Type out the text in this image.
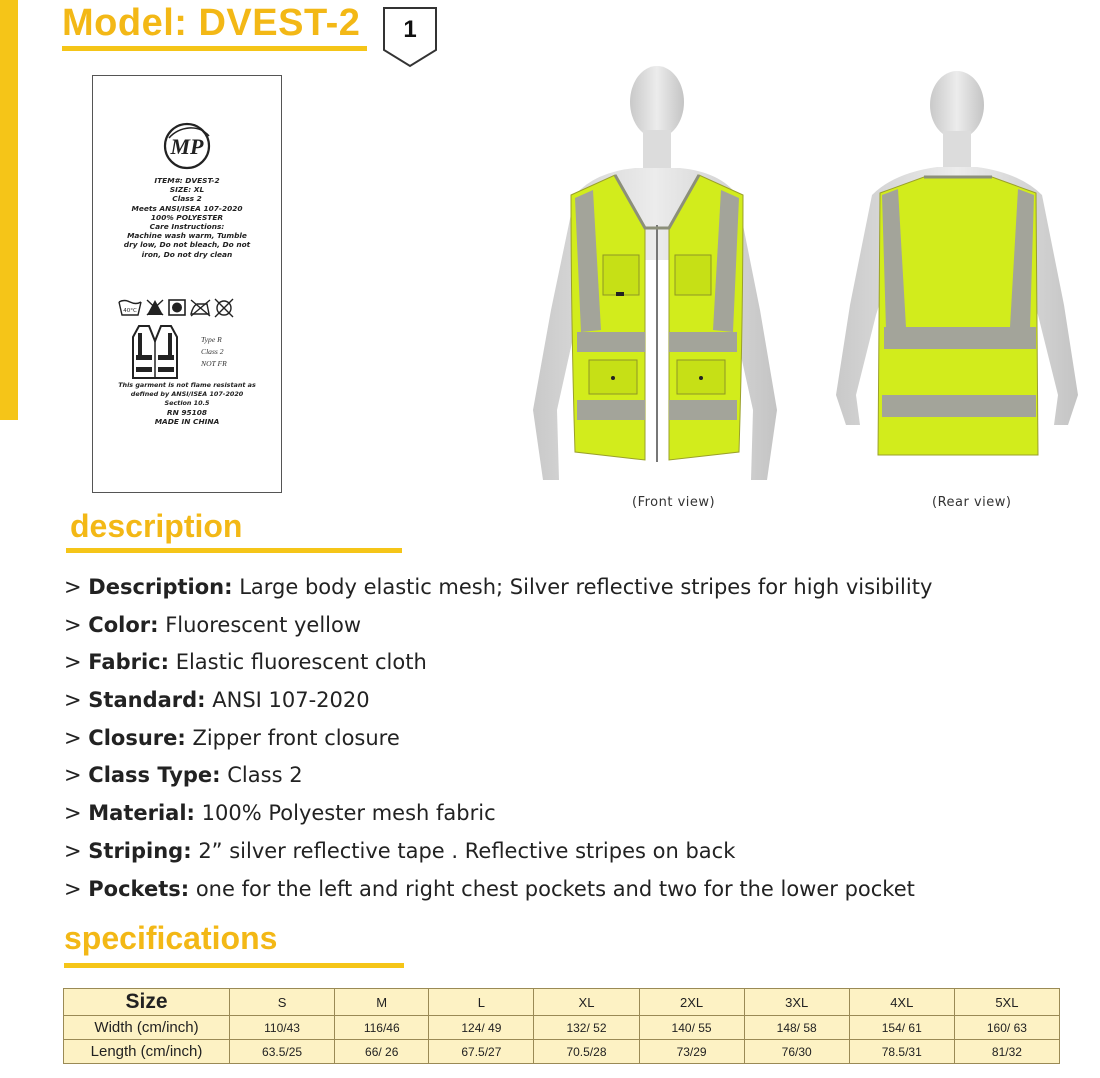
Model: DVEST-2	1
MP
ITEM#: DVEST-2
SIZE: XL
Class 2
Meets ANSI/ISEA 107-2020
100% POLYESTER
Care Instructions:
Machine wash warm, Tumble
dry low, Do not bleach, Do not
iron, Do not dry clean
40°C
Type R
Class 2
NOT FR
This garment is not flame resistant as
defined by ANSI/ISEA 107-2020
Section 10.5
RN 95108
MADE IN CHINA
(Front view)	(Rear view)
description
> Description: Large body elastic mesh; Silver reflective stripes for high visibility
> Color: Fluorescent yellow
> Fabric: Elastic fluorescent cloth
> Standard: ANSI 107-2020
> Closure: Zipper front closure
> Class Type: Class 2
> Material: 100% Polyester mesh fabric
> Striping: 2” silver reflective tape . Reflective stripes on back
> Pockets: one for the left and right chest pockets and two for the lower pocket
specifications
Size	S	M	L	XL	2XL	3XL	4XL	5XL
Width (cm/inch)	110/43	116/46	124/ 49	132/ 52	140/ 55	148/ 58	154/ 61	160/ 63
Length (cm/inch)	63.5/25	66/ 26	67.5/27	70.5/28	73/29	76/30	78.5/31	81/32
